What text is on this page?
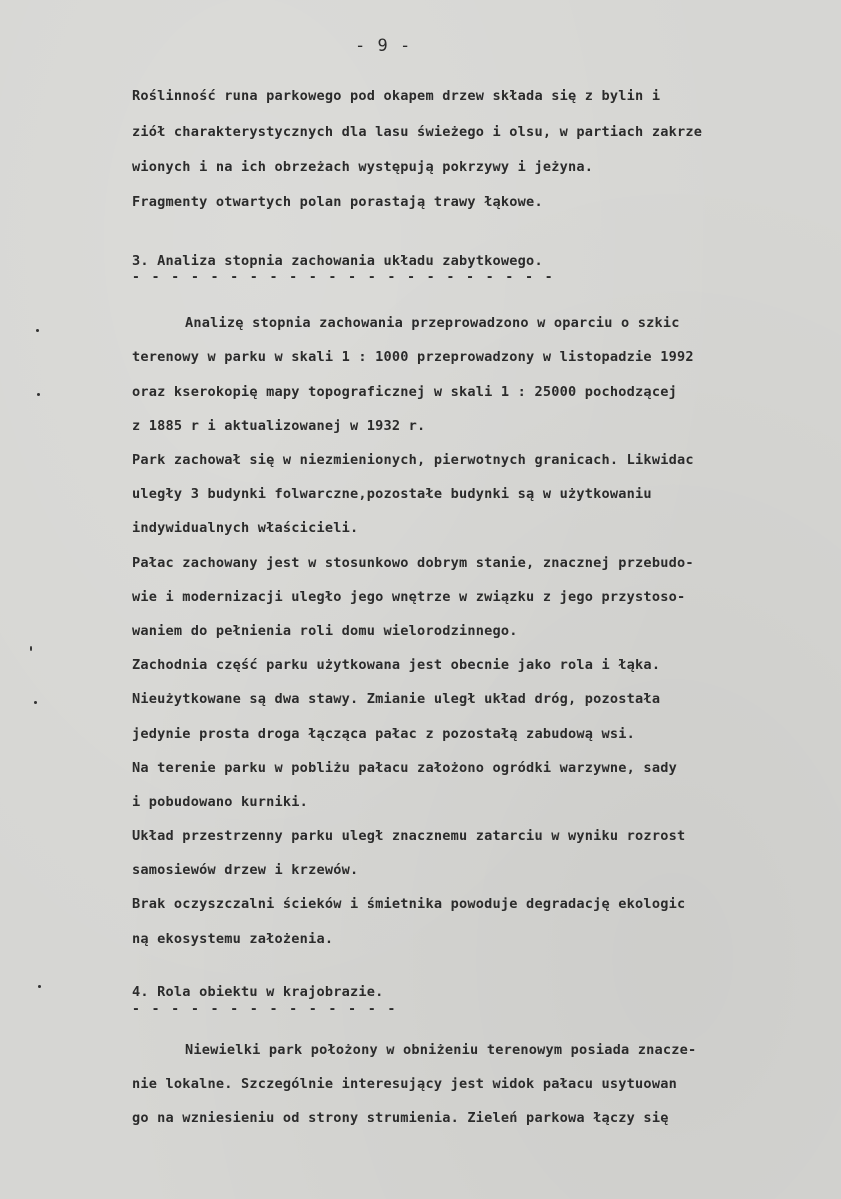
- 9 -
Roślinność runa parkowego pod okapem drzew składa się z bylin i
ziół charakterystycznych dla lasu świeżego i olsu, w partiach zakrze
wionych i na ich obrzeżach występują pokrzywy i jeżyna.
Fragmenty otwartych polan porastają trawy łąkowe.
3. Analiza stopnia zachowania układu zabytkowego.
- - - - - - - - - - - - - - - - - - - - - -
Analizę stopnia zachowania przeprowadzono w oparciu o szkic
terenowy w parku w skali 1 : 1000 przeprowadzony w listopadzie 1992
oraz kserokopię mapy topograficznej w skali 1 : 25000 pochodzącej
z 1885 r i aktualizowanej w 1932 r.
Park zachował się w niezmienionych, pierwotnych granicach. Likwidac
uległy 3 budynki folwarczne,pozostałe budynki są w użytkowaniu
indywidualnych właścicieli.
Pałac zachowany jest w stosunkowo dobrym stanie, znacznej przebudo-
wie i modernizacji uległo jego wnętrze w związku z jego przystoso-
waniem do pełnienia roli domu wielorodzinnego.
Zachodnia część parku użytkowana jest obecnie jako rola i łąka.
Nieużytkowane są dwa stawy. Zmianie uległ układ dróg, pozostała
jedynie prosta droga łącząca pałac z pozostałą zabudową wsi.
Na terenie parku w pobliżu pałacu założono ogródki warzywne, sady
i pobudowano kurniki.
Układ przestrzenny parku uległ znacznemu zatarciu w wyniku rozrost
samosiewów drzew i krzewów.
Brak oczyszczalni ścieków i śmietnika powoduje degradację ekologic
ną ekosystemu założenia.
4. Rola obiektu w krajobrazie.
- - - - - - - - - - - - - -
Niewielki park położony w obniżeniu terenowym posiada znacze-
nie lokalne. Szczególnie interesujący jest widok pałacu usytuowan
go na wzniesieniu od strony strumienia. Zieleń parkowa łączy się
